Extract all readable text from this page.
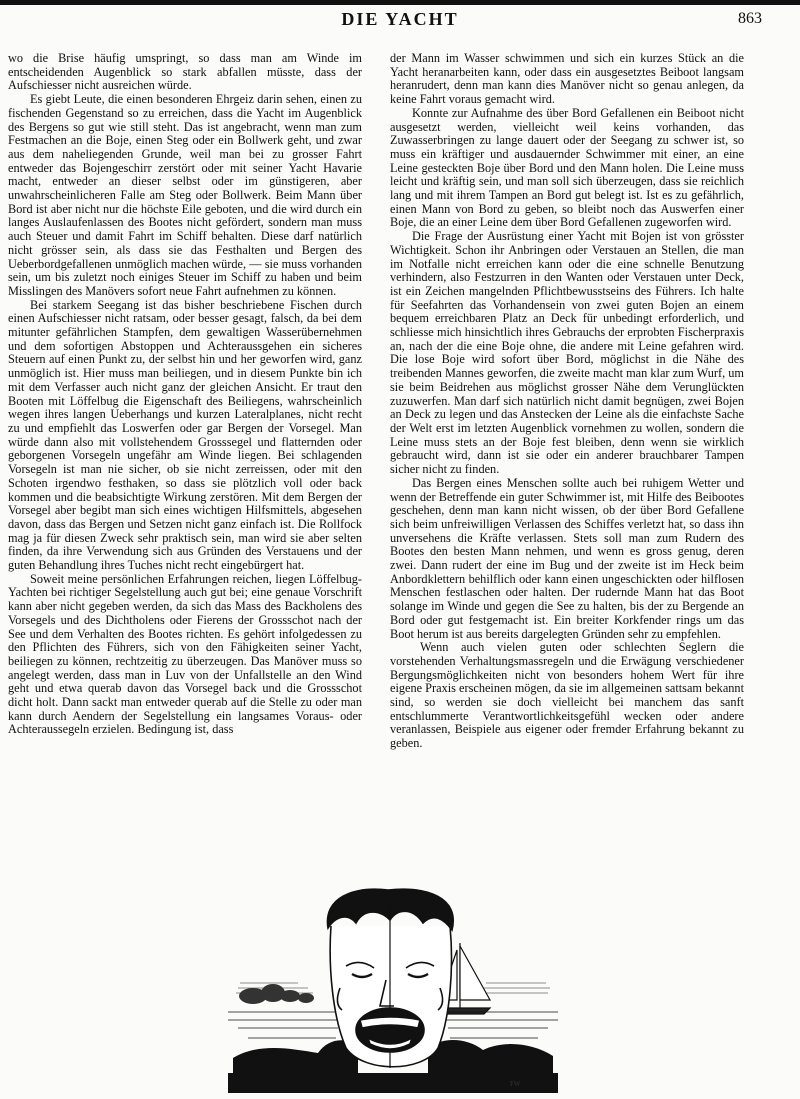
DIE YACHT	863

wo die Brise häufig umspringt, so dass man am Winde im entscheidenden Augenblick so stark abfallen müsste, dass der Aufschiesser nicht ausreichen würde.

Es giebt Leute, die einen besonderen Ehrgeiz darin sehen, einen zu fischenden Gegenstand so zu erreichen, dass die Yacht im Augenblick des Bergens so gut wie still steht. Das ist angebracht, wenn man zum Festmachen an die Boje, einen Steg oder ein Bollwerk geht, und zwar aus dem naheliegenden Grunde, weil man bei zu grosser Fahrt entweder das Bojengeschirr zerstört oder mit seiner Yacht Havarie macht, entweder an dieser selbst oder im günstigeren, aber unwahrscheinlicheren Falle am Steg oder Bollwerk. Beim Mann über Bord ist aber nicht nur die höchste Eile geboten, und die wird durch ein langes Auslaufenlassen des Bootes nicht gefördert, sondern man muss auch Steuer und damit Fahrt im Schiff behalten. Diese darf natürlich nicht grösser sein, als dass sie das Festhalten und Bergen des Ueberbordgefallenen unmöglich machen würde, — sie muss vorhanden sein, um bis zuletzt noch einiges Steuer im Schiff zu haben und beim Misslingen des Manövers sofort neue Fahrt aufnehmen zu können.

Bei starkem Seegang ist das bisher beschriebene Fischen durch einen Aufschiesser nicht ratsam, oder besser gesagt, falsch, da bei dem mitunter gefährlichen Stampfen, dem gewaltigen Wasserübernehmen und dem sofortigen Abstoppen und Achteraussgehen ein sicheres Steuern auf einen Punkt zu, der selbst hin und her geworfen wird, ganz unmöglich ist. Hier muss man beiliegen, und in diesem Punkte bin ich mit dem Verfasser auch nicht ganz der gleichen Ansicht. Er traut den Booten mit Löffelbug die Eigenschaft des Beiliegens, wahrscheinlich wegen ihres langen Ueberhangs und kurzen Lateralplanes, nicht recht zu und empfiehlt das Loswerfen oder gar Bergen der Vorsegel. Man würde dann also mit vollstehendem Grosssegel und flatternden oder geborgenen Vorsegeln ungefähr am Winde liegen. Bei schlagenden Vorsegeln ist man nie sicher, ob sie nicht zerreissen, oder mit den Schoten irgendwo festhaken, so dass sie plötzlich voll oder back kommen und die beabsichtigte Wirkung zerstören. Mit dem Bergen der Vorsegel aber begibt man sich eines wichtigen Hilfsmittels, abgesehen davon, dass das Bergen und Setzen nicht ganz einfach ist. Die Rollfock mag ja für diesen Zweck sehr praktisch sein, man wird sie aber selten finden, da ihre Verwendung sich aus Gründen des Verstauens und der guten Behandlung ihres Tuches nicht recht eingebürgert hat.

Soweit meine persönlichen Erfahrungen reichen, liegen Löffelbug-Yachten bei richtiger Segelstellung auch gut bei; eine genaue Vorschrift kann aber nicht gegeben werden, da sich das Mass des Backholens des Vorsegels und des Dichtholens oder Fierens der Grossschot nach der See und dem Verhalten des Bootes richten. Es gehört infolgedessen zu den Pflichten des Führers, sich von den Fähigkeiten seiner Yacht, beiliegen zu können, rechtzeitig zu überzeugen. Das Manöver muss so angelegt werden, dass man in Luv von der Unfallstelle an den Wind geht und etwa querab davon das Vorsegel back und die Grossschot dicht holt. Dann sackt man entweder querab auf die Stelle zu oder man kann durch Aendern der Segelstellung ein langsames Voraus- oder Achteraussegeln erzielen. Bedingung ist, dass

der Mann im Wasser schwimmen und sich ein kurzes Stück an die Yacht heranarbeiten kann, oder dass ein ausgesetztes Beiboot langsam heranrudert, denn man kann dies Manöver nicht so genau anlegen, da keine Fahrt voraus gemacht wird.

Konnte zur Aufnahme des über Bord Gefallenen ein Beiboot nicht ausgesetzt werden, vielleicht weil keins vorhanden, das Zuwasserbringen zu lange dauert oder der Seegang zu schwer ist, so muss ein kräftiger und ausdauernder Schwimmer mit einer, an eine Leine gesteckten Boje über Bord und den Mann holen. Die Leine muss leicht und kräftig sein, und man soll sich überzeugen, dass sie reichlich lang und mit ihrem Tampen an Bord gut belegt ist. Ist es zu gefährlich, einen Mann von Bord zu geben, so bleibt noch das Auswerfen einer Boje, die an einer Leine dem über Bord Gefallenen zugeworfen wird.

Die Frage der Ausrüstung einer Yacht mit Bojen ist von grösster Wichtigkeit. Schon ihr Anbringen oder Verstauen an Stellen, die man im Notfalle nicht erreichen kann oder die eine schnelle Benutzung verhindern, also Festzurren in den Wanten oder Verstauen unter Deck, ist ein Zeichen mangelnden Pflichtbewusstseins des Führers. Ich halte für Seefahrten das Vorhandensein von zwei guten Bojen an einem bequem erreichbaren Platz an Deck für unbedingt erforderlich, und schliesse mich hinsichtlich ihres Gebrauchs der erprobten Fischerpraxis an, nach der die eine Boje ohne, die andere mit Leine gefahren wird. Die lose Boje wird sofort über Bord, möglichst in die Nähe des treibenden Mannes geworfen, die zweite macht man klar zum Wurf, um sie beim Beidrehen aus möglichst grosser Nähe dem Verunglückten zuzuwerfen. Man darf sich natürlich nicht damit begnügen, zwei Bojen an Deck zu legen und das Anstecken der Leine als die einfachste Sache der Welt erst im letzten Augenblick vornehmen zu wollen, sondern die Leine muss stets an der Boje fest bleiben, denn wenn sie wirklich gebraucht wird, dann ist sie oder ein anderer brauchbarer Tampen sicher nicht zu finden.

Das Bergen eines Menschen sollte auch bei ruhigem Wetter und wenn der Betreffende ein guter Schwimmer ist, mit Hilfe des Beibootes geschehen, denn man kann nicht wissen, ob der über Bord Gefallene sich beim unfreiwilligen Verlassen des Schiffes verletzt hat, so dass ihn unversehens die Kräfte verlassen. Stets soll man zum Rudern des Bootes den besten Mann nehmen, und wenn es gross genug, deren zwei. Dann rudert der eine im Bug und der zweite ist im Heck beim Anbordklettern behilflich oder kann einen ungeschickten oder hilflosen Menschen festlaschen oder halten. Der rudernde Mann hat das Boot solange im Winde und gegen die See zu halten, bis der zu Bergende an Bord oder gut festgemacht ist. Ein breiter Korkfender rings um das Boot herum ist aus bereits dargelegten Gründen sehr zu empfehlen.

Wenn auch vielen guten oder schlechten Seglern die vorstehenden Verhaltungsmassregeln und die Erwägung verschiedener Bergungsmöglichkeiten nicht von besonders hohem Wert für ihre eigene Praxis erscheinen mögen, da sie im allgemeinen sattsam bekannt sind, so werden sie doch vielleicht bei manchem das sanft entschlummerte Verantwortlichkeitsgefühl wecken oder andere veranlassen, Beispiele aus eigener oder fremder Erfahrung bekannt zu geben.

FW
